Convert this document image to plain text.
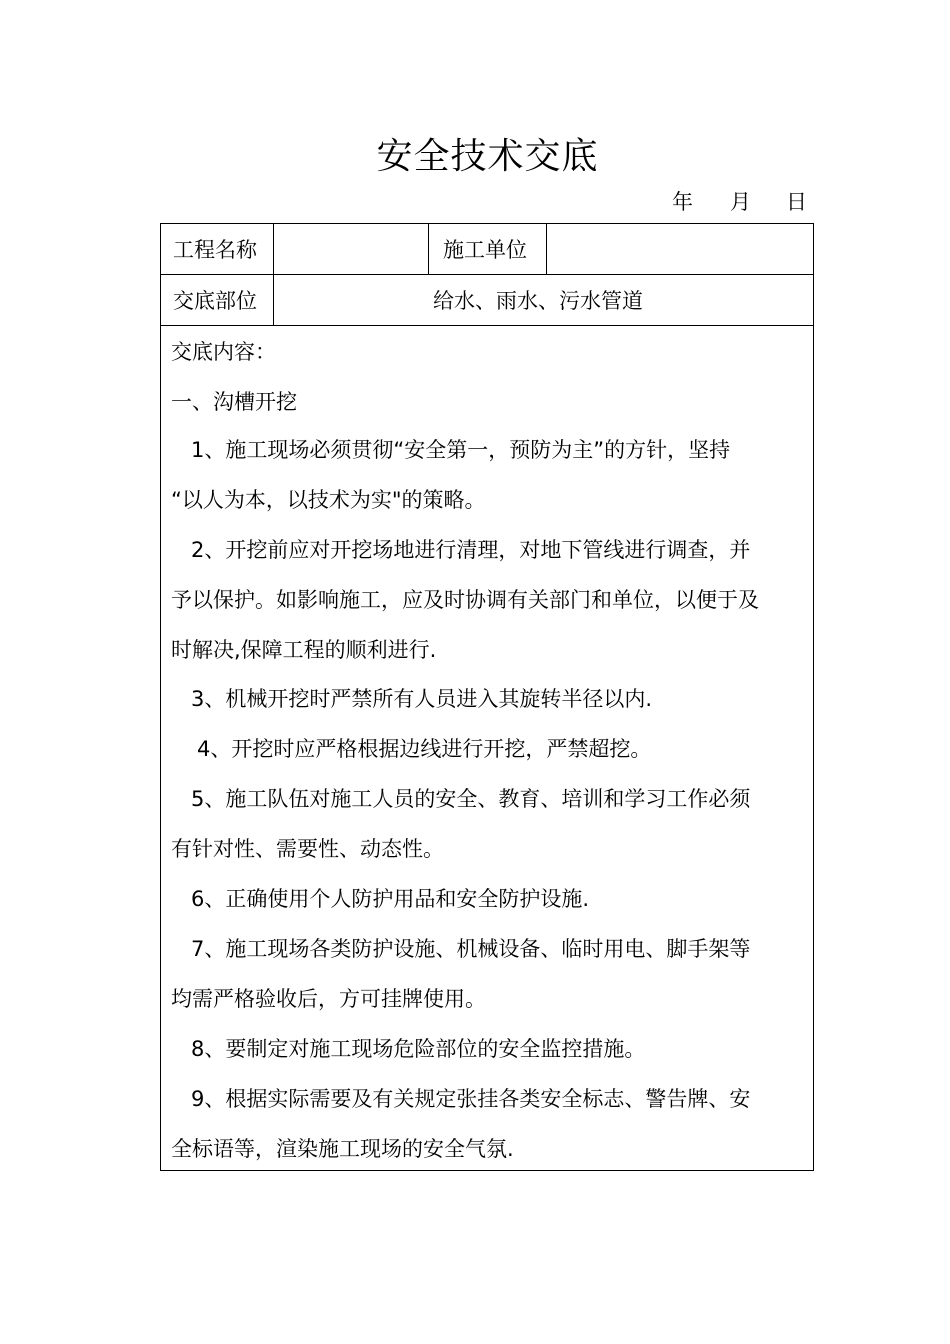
安全技术交底
年 月 日
工程名称	施工单位
交底部位	给水、雨水、污水管道
交底内容：
一、沟槽开挖
1、施工现场必须贯彻“安全第一，预防为主”的方针，坚持
“以人为本，以技术为实"的策略。
2、开挖前应对开挖场地进行清理，对地下管线进行调查，并
予以保护。如影响施工，应及时协调有关部门和单位，以便于及
时解决,保障工程的顺利进行.
3、机械开挖时严禁所有人员进入其旋转半径以内.
4、开挖时应严格根据边线进行开挖，严禁超挖。
5、施工队伍对施工人员的安全、教育、培训和学习工作必须
有针对性、需要性、动态性。
6、正确使用个人防护用品和安全防护设施.
7、施工现场各类防护设施、机械设备、临时用电、脚手架等
均需严格验收后，方可挂牌使用。
8、要制定对施工现场危险部位的安全监控措施。
9、根据实际需要及有关规定张挂各类安全标志、警告牌、安
全标语等，渲染施工现场的安全气氛.
